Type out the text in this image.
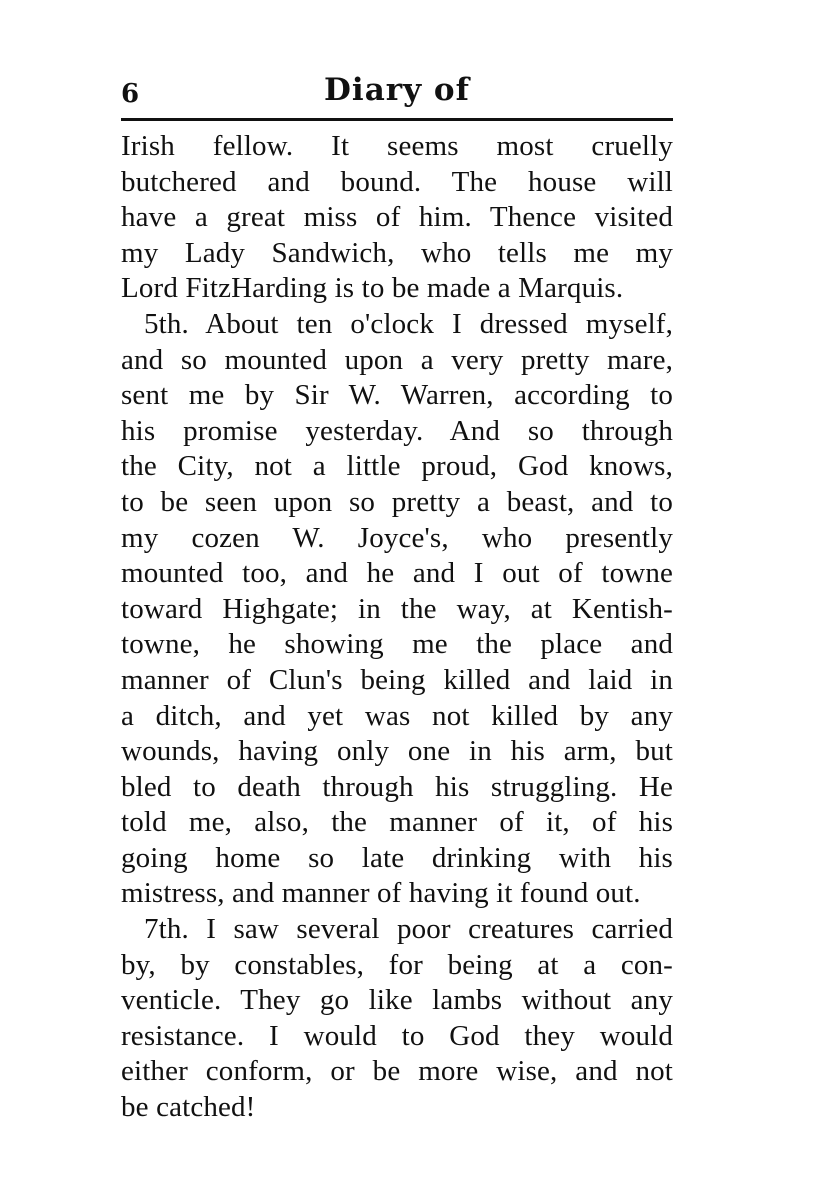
6	Diary of
Irish fellow. It seems most cruelly
butchered and bound. The house will
have a great miss of him. Thence visited
my Lady Sandwich, who tells me my
Lord FitzHarding is to be made a Marquis.
5th. About ten o'clock I dressed myself,
and so mounted upon a very pretty mare,
sent me by Sir W. Warren, according to
his promise yesterday. And so through
the City, not a little proud, God knows,
to be seen upon so pretty a beast, and to
my cozen W. Joyce's, who presently
mounted too, and he and I out of towne
toward Highgate; in the way, at Kentish-
towne, he showing me the place and
manner of Clun's being killed and laid in
a ditch, and yet was not killed by any
wounds, having only one in his arm, but
bled to death through his struggling. He
told me, also, the manner of it, of his
going home so late drinking with his
mistress, and manner of having it found out.
7th. I saw several poor creatures carried
by, by constables, for being at a con-
venticle. They go like lambs without any
resistance. I would to God they would
either conform, or be more wise, and not
be catched!
